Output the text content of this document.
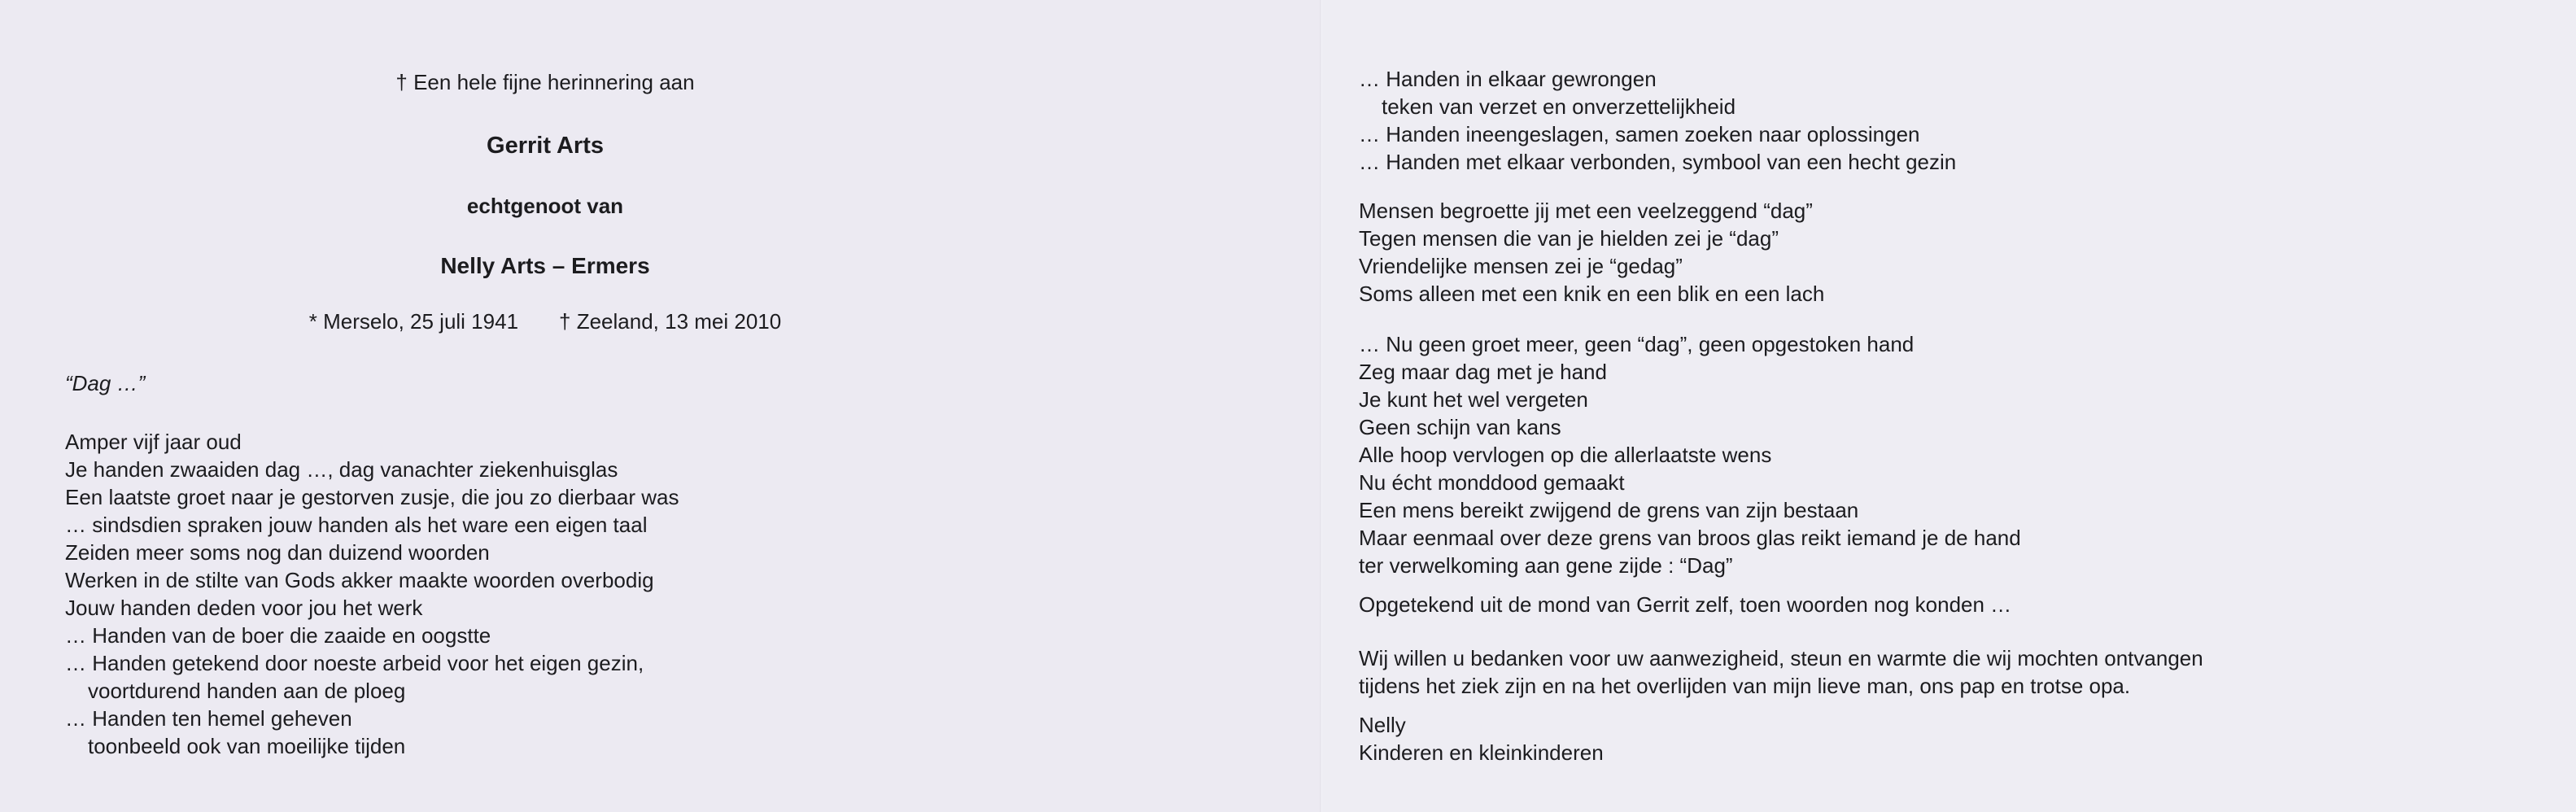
† Een hele fijne herinnering aan
Gerrit Arts
echtgenoot van
Nelly Arts – Ermers
* Merselo, 25 juli 1941 † Zeeland, 13 mei 2010
“Dag …”
Amper vijf jaar oud
Je handen zwaaiden dag …, dag vanachter ziekenhuisglas
Een laatste groet naar je gestorven zusje, die jou zo dierbaar was
… sindsdien spraken jouw handen als het ware een eigen taal
Zeiden meer soms nog dan duizend woorden
Werken in de stilte van Gods akker maakte woorden overbodig
Jouw handen deden voor jou het werk
… Handen van de boer die zaaide en oogstte
… Handen getekend door noeste arbeid voor het eigen gezin,
voortdurend handen aan de ploeg
… Handen ten hemel geheven
toonbeeld ook van moeilijke tijden
… Handen in elkaar gewrongen
teken van verzet en onverzettelijkheid
… Handen ineengeslagen, samen zoeken naar oplossingen
… Handen met elkaar verbonden, symbool van een hecht gezin
Mensen begroette jij met een veelzeggend “dag”
Tegen mensen die van je hielden zei je “dag”
Vriendelijke mensen zei je “gedag”
Soms alleen met een knik en een blik en een lach
… Nu geen groet meer, geen “dag”, geen opgestoken hand
Zeg maar dag met je hand
Je kunt het wel vergeten
Geen schijn van kans
Alle hoop vervlogen op die allerlaatste wens
Nu écht monddood gemaakt
Een mens bereikt zwijgend de grens van zijn bestaan
Maar eenmaal over deze grens van broos glas reikt iemand je de hand
ter verwelkoming aan gene zijde : “Dag”
Opgetekend uit de mond van Gerrit zelf, toen woorden nog konden …
Wij willen u bedanken voor uw aanwezigheid, steun en warmte die wij mochten ontvangen
tijdens het ziek zijn en na het overlijden van mijn lieve man, ons pap en trotse opa.
Nelly
Kinderen en kleinkinderen
